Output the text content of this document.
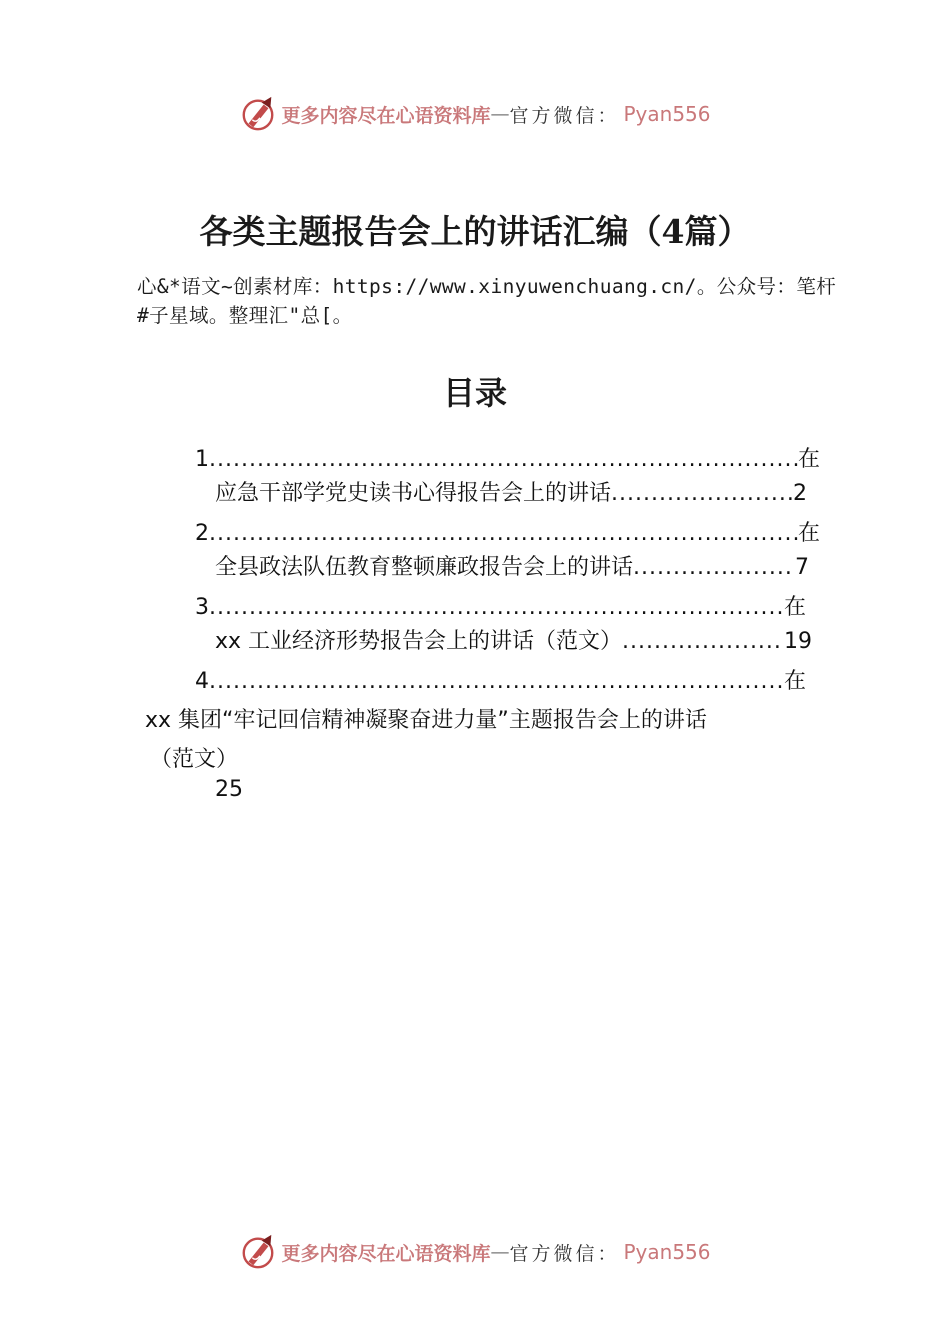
更多内容尽在心语资料库 — 官方微信： Pyan556
各类主题报告会上的讲话汇编（4篇）
心&*语文~创素材库：https://www.xinyuwenchuang.cn/。公众号：笔杆#子星域。整理汇"总[。
目录
1 .....	在
应急干部学党史读书心得报告会上的讲话 .....	2
2 .....	在
全县政法队伍教育整顿廉政报告会上的讲话 .....	7
3 .....	在
xx 工业经济形势报告会上的讲话（范文） .....	19
4 .....	在
xx 集团“牢记回信精神凝聚奋进力量”主题报告会上的讲话
（范文）
25
更多内容尽在心语资料库 — 官方微信： Pyan556
